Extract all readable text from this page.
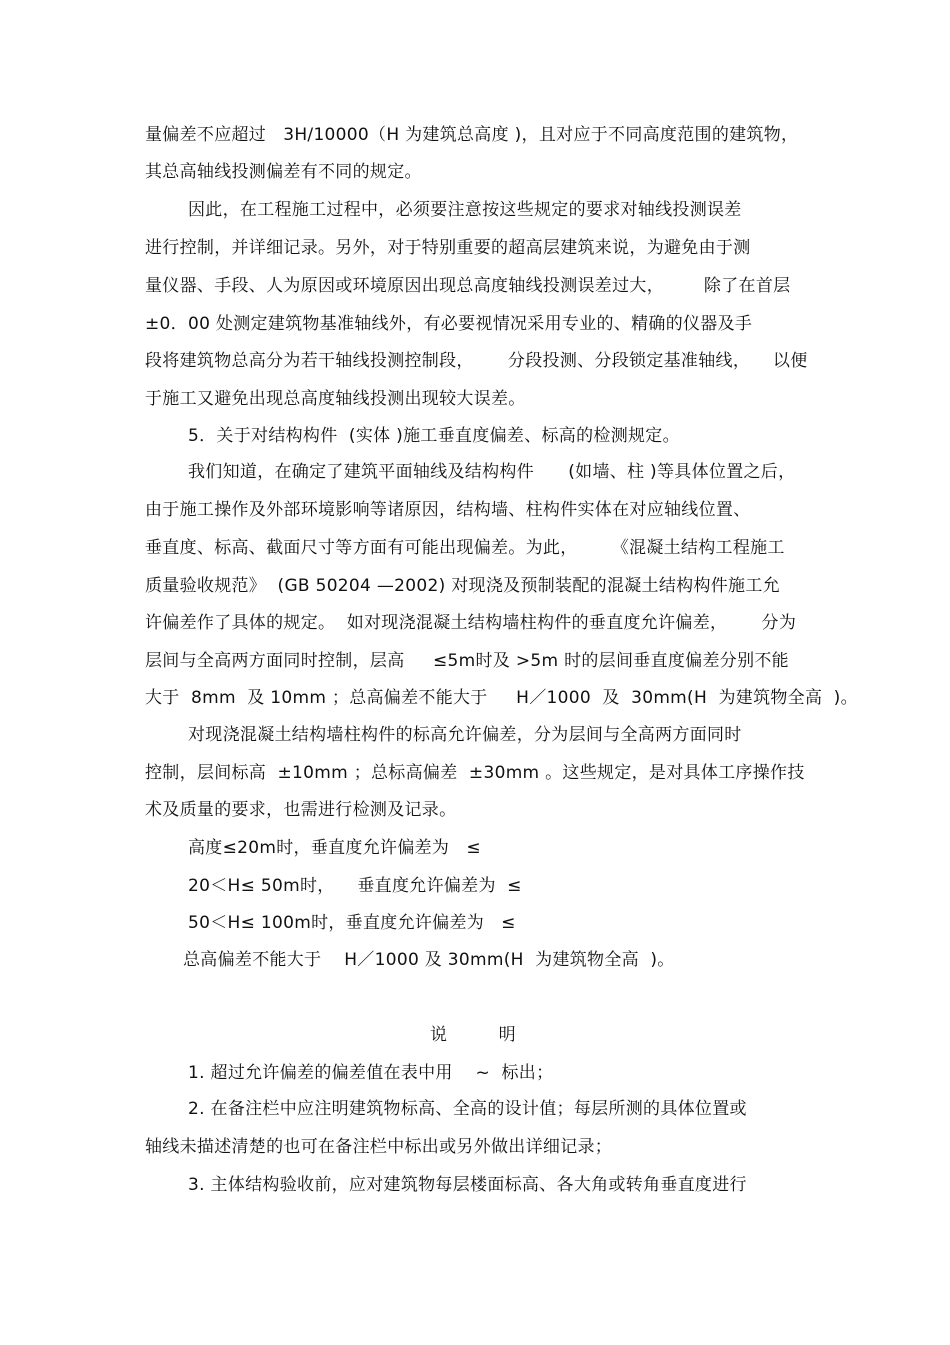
量偏差不应超过   3H/10000（H 为建筑总高度 )，且对应于不同高度范围的建筑物，
其总高轴线投测偏差有不同的规定。
因此，在工程施工过程中，必须要注意按这些规定的要求对轴线投测误差
进行控制，并详细记录。另外，对于特别重要的超高层建筑来说，为避免由于测
量仪器、手段、人为原因或环境原因出现总高度轴线投测误差过大，       除了在首层
±0．00 处测定建筑物基准轴线外，有必要视情况采用专业的、精确的仪器及手
段将建筑物总高分为若干轴线投测控制段，      分段投测、分段锁定基准轴线，    以便
于施工又避免出现总高度轴线投测出现较大误差。
5．关于对结构构件  (实体 )施工垂直度偏差、标高的检测规定。
我们知道，在确定了建筑平面轴线及结构构件      (如墙、柱 )等具体位置之后，
由于施工操作及外部环境影响等诸原因，结构墙、柱构件实体在对应轴线位置、
垂直度、标高、截面尺寸等方面有可能出现偏差。为此，      《混凝土结构工程施工
质量验收规范》  (GB 50204 —2002) 对现浇及预制装配的混凝土结构构件施工允
许偏差作了具体的规定。  如对现浇混凝土结构墙柱构件的垂直度允许偏差，      分为
层间与全高两方面同时控制，层高     ≤5m时及 >5m 时的层间垂直度偏差分别不能
大于  8mm  及 10mm ；总高偏差不能大于     H／1000  及  30mm(H  为建筑物全高  )。
对现浇混凝土结构墙柱构件的标高允许偏差，分为层间与全高两方面同时
控制，层间标高  ±10mm ；总标高偏差  ±30mm 。这些规定，是对具体工序操作技
术及质量的要求，也需进行检测及记录。
高度≤20m时，垂直度允许偏差为   ≤
20＜H≤ 50m时，    垂直度允许偏差为  ≤
50＜H≤ 100m时，垂直度允许偏差为   ≤
总高偏差不能大于    H／1000 及 30mm(H  为建筑物全高  )。
说         明
1. 超过允许偏差的偏差值在表中用    ~  标出；
2. 在备注栏中应注明建筑物标高、全高的设计值；每层所测的具体位置或
轴线未描述清楚的也可在备注栏中标出或另外做出详细记录；
3. 主体结构验收前，应对建筑物每层楼面标高、各大角或转角垂直度进行
